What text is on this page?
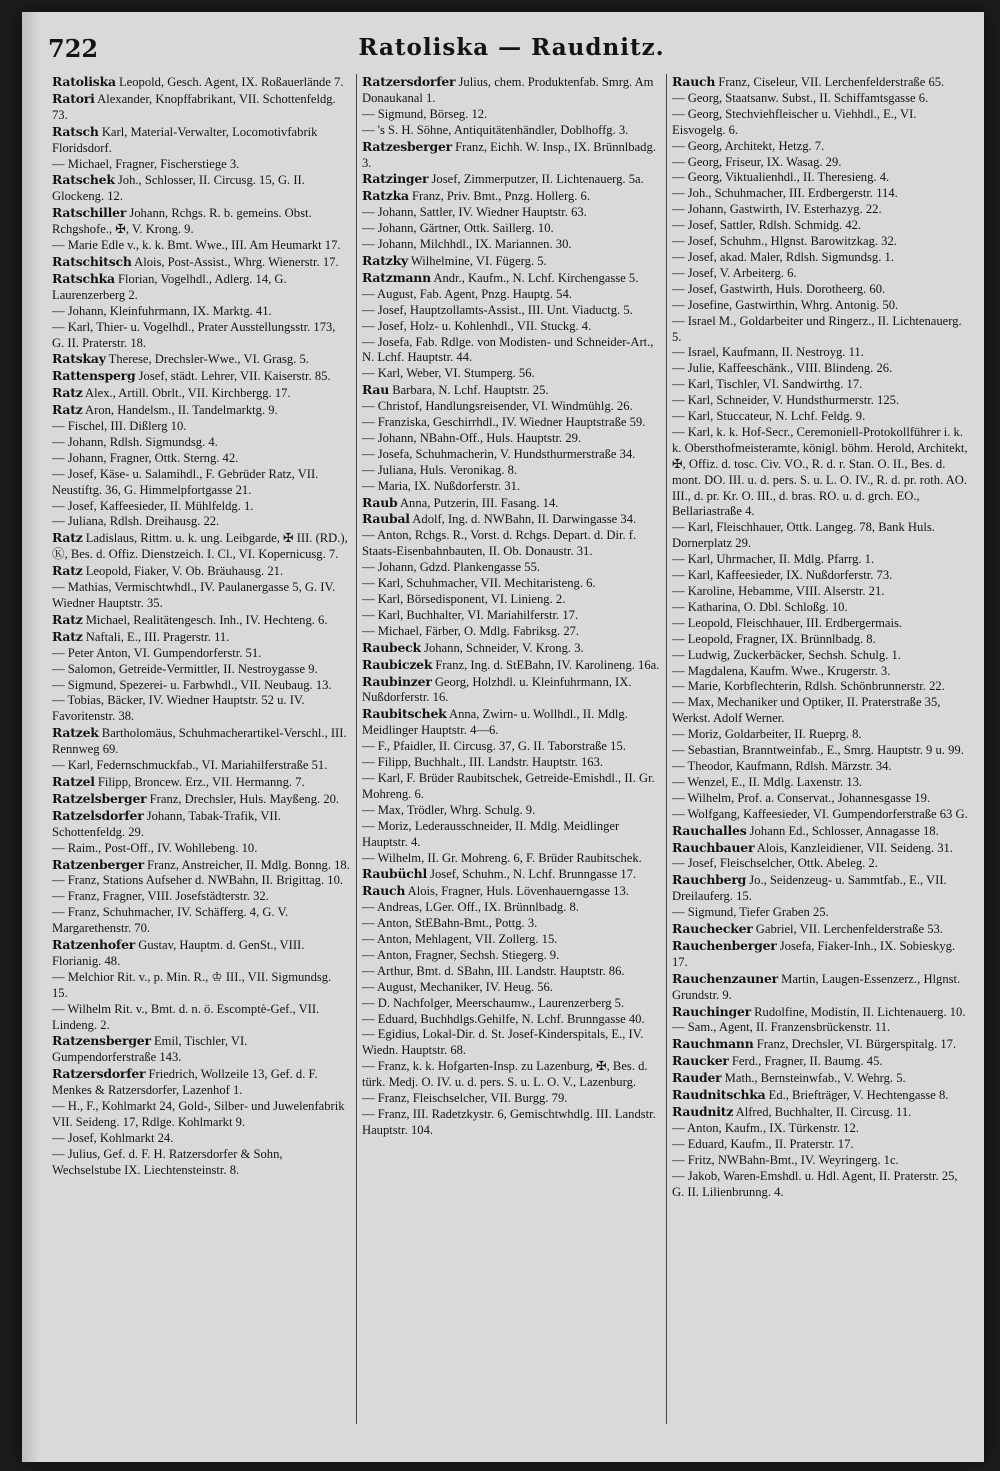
722	Ratoliska — Raudnitz.

Ratoliska Leopold, Gesch. Agent, IX. Roßauerlände 7.

Ratori Alexander, Knopffabrikant, VII. Schottenfeldg. 73.

Ratsch Karl, Material-Verwalter, Locomotivfabrik Floridsdorf.

— Michael, Fragner, Fischerstiege 3.

Ratschek Joh., Schlosser, II. Circusg. 15, G. II. Glockeng. 12.

Ratschiller Johann, Rchgs. R. b. gemeins. Obst. Rchgshofe., ✠, V. Krong. 9.

— Marie Edle v., k. k. Bmt. Wwe., III. Am Heumarkt 17.

Ratschitsch Alois, Post-Assist., Whrg. Wienerstr. 17.

Ratschka Florian, Vogelhdl., Adlerg. 14, G. Laurenzerberg 2.

— Johann, Kleinfuhrmann, IX. Marktg. 41.

— Karl, Thier- u. Vogelhdl., Prater Ausstellungsstr. 173, G. II. Praterstr. 18.

Ratskay Therese, Drechsler-Wwe., VI. Grasg. 5.

Rattensperg Josef, städt. Lehrer, VII. Kaiserstr. 85.

Ratz Alex., Artill. Obrlt., VII. Kirchbergg. 17.

Ratz Aron, Handelsm., II. Tandelmarktg. 9.

— Fischel, III. Dißlerg 10.

— Johann, Rdlsh. Sigmundsg. 4.

— Johann, Fragner, Ottk. Sterng. 42.

— Josef, Käse- u. Salamihdl., F. Gebrüder Ratz, VII. Neustiftg. 36, G. Himmelpfortgasse 21.

— Josef, Kaffeesieder, II. Mühlfeldg. 1.

— Juliana, Rdlsh. Dreihausg. 22.

Ratz Ladislaus, Rittm. u. k. ung. Leibgarde, ✠ III. (RD.), Ⓚ, Bes. d. Offiz. Dienstzeich. I. Cl., VI. Kopernicusg. 7.

Ratz Leopold, Fiaker, V. Ob. Bräuhausg. 21.

— Mathias, Vermischtwhdl., IV. Paulanergasse 5, G. IV. Wiedner Hauptstr. 35.

Ratz Michael, Realitätengesch. Inh., IV. Hechteng. 6.

Ratz Naftali, E., III. Pragerstr. 11.

— Peter Anton, VI. Gumpendorferstr. 51.

— Salomon, Getreide-Vermittler, II. Nestroygasse 9.

— Sigmund, Spezerei- u. Farbwhdl., VII. Neubaug. 13.

— Tobias, Bäcker, IV. Wiedner Hauptstr. 52 u. IV. Favoritenstr. 38.

Ratzek Bartholomäus, Schuhmacherartikel-Verschl., III. Rennweg 69.

— Karl, Federnschmuckfab., VI. Mariahilferstraße 51.

Ratzel Filipp, Broncew. Erz., VII. Hermanng. 7.

Ratzelsberger Franz, Drechsler, Huls. Mayßeng. 20.

Ratzelsdorfer Johann, Tabak-Trafik, VII. Schottenfeldg. 29.

— Raim., Post-Off., IV. Wohllebeng. 10.

Ratzenberger Franz, Anstreicher, II. Mdlg. Bonng. 18.

— Franz, Stations Aufseher d. NWBahn, II. Brigittag. 10.

— Franz, Fragner, VIII. Josefstädterstr. 32.

— Franz, Schuhmacher, IV. Schäfferg. 4, G. V. Margarethenstr. 70.

Ratzenhofer Gustav, Hauptm. d. GenSt., VIII. Florianig. 48.

— Melchior Rit. v., p. Min. R., ♔ III., VII. Sigmundsg. 15.

— Wilhelm Rit. v., Bmt. d. n. ö. Escomptè-Gef., VII. Lindeng. 2.

Ratzensberger Emil, Tischler, VI. Gumpendorferstraße 143.

Ratzersdorfer Friedrich, Wollzeile 13, Gef. d. F. Menkes & Ratzersdorfer, Lazenhof 1.

— H., F., Kohlmarkt 24, Gold-, Silber- und Juwelenfabrik VII. Seideng. 17, Rdlge. Kohlmarkt 9.

— Josef, Kohlmarkt 24.

— Julius, Gef. d. F. H. Ratzersdorfer & Sohn, Wechselstube IX. Liechtensteinstr. 8.

Ratzersdorfer Julius, chem. Produktenfab. Smrg. Am Donaukanal 1.

— Sigmund, Börseg. 12.

— 's S. H. Söhne, Antiquitätenhändler, Doblhoffg. 3.

Ratzesberger Franz, Eichh. W. Insp., IX. Brünnlbadg. 3.

Ratzinger Josef, Zimmerputzer, II. Lichtenauerg. 5a.

Ratzka Franz, Priv. Bmt., Pnzg. Hollerg. 6.

— Johann, Sattler, IV. Wiedner Hauptstr. 63.

— Johann, Gärtner, Ottk. Saillerg. 10.

— Johann, Milchhdl., IX. Mariannen. 30.

Ratzky Wilhelmine, VI. Fügerg. 5.

Ratzmann Andr., Kaufm., N. Lchf. Kirchengasse 5.

— August, Fab. Agent, Pnzg. Hauptg. 54.

— Josef, Hauptzollamts-Assist., III. Unt. Viaductg. 5.

— Josef, Holz- u. Kohlenhdl., VII. Stuckg. 4.

— Josefa, Fab. Rdlge. von Modisten- und Schneider-Art., N. Lchf. Hauptstr. 44.

— Karl, Weber, VI. Stumperg. 56.

Rau Barbara, N. Lchf. Hauptstr. 25.

— Christof, Handlungsreisender, VI. Windmühlg. 26.

— Franziska, Geschirrhdl., IV. Wiedner Hauptstraße 59.

— Johann, NBahn-Off., Huls. Hauptstr. 29.

— Josefa, Schuhmacherin, V. Hundsthurmerstraße 34.

— Juliana, Huls. Veronikag. 8.

— Maria, IX. Nußdorferstr. 31.

Raub Anna, Putzerin, III. Fasang. 14.

Raubal Adolf, Ing. d. NWBahn, II. Darwingasse 34.

— Anton, Rchgs. R., Vorst. d. Rchgs. Depart. d. Dir. f. Staats-Eisenbahnbauten, II. Ob. Donaustr. 31.

— Johann, Gdzd. Plankengasse 55.

— Karl, Schuhmacher, VII. Mechitaristeng. 6.

— Karl, Börsedisponent, VI. Linieng. 2.

— Karl, Buchhalter, VI. Mariahilferstr. 17.

— Michael, Färber, O. Mdlg. Fabriksg. 27.

Raubeck Johann, Schneider, V. Krong. 3.

Raubiczek Franz, Ing. d. StEBahn, IV. Karolineng. 16a.

Raubinzer Georg, Holzhdl. u. Kleinfuhrmann, IX. Nußdorferstr. 16.

Raubitschek Anna, Zwirn- u. Wollhdl., II. Mdlg. Meidlinger Hauptstr. 4—6.

— F., Pfaidler, II. Circusg. 37, G. II. Taborstraße 15.

— Filipp, Buchhalt., III. Landstr. Hauptstr. 163.

— Karl, F. Brüder Raubitschek, Getreide-Emishdl., II. Gr. Mohreng. 6.

— Max, Trödler, Whrg. Schulg. 9.

— Moriz, Lederausschneider, II. Mdlg. Meidlinger Hauptstr. 4.

— Wilhelm, II. Gr. Mohreng. 6, F. Brüder Raubitschek.

Raubüchl Josef, Schuhm., N. Lchf. Brunngasse 17.

Rauch Alois, Fragner, Huls. Lövenhauerngasse 13.

— Andreas, LGer. Off., IX. Brünnlbadg. 8.

— Anton, StEBahn-Bmt., Pottg. 3.

— Anton, Mehlagent, VII. Zollerg. 15.

— Anton, Fragner, Sechsh. Stiegerg. 9.

— Arthur, Bmt. d. SBahn, III. Landstr. Hauptstr. 86.

— August, Mechaniker, IV. Heug. 56.

— D. Nachfolger, Meerschaumw., Laurenzerberg 5.

— Eduard, Buchhdlgs.Gehilfe, N. Lchf. Brunngasse 40.

— Egidius, Lokal-Dir. d. St. Josef-Kinderspitals, E., IV. Wiedn. Hauptstr. 68.

— Franz, k. k. Hofgarten-Insp. zu Lazenburg, ✠, Bes. d. türk. Medj. O. IV. u. d. pers. S. u. L. O. V., Lazenburg.

— Franz, Fleischselcher, VII. Burgg. 79.

— Franz, III. Radetzkystr. 6, Gemischtwhdlg. III. Landstr. Hauptstr. 104.

Rauch Franz, Ciseleur, VII. Lerchenfelderstraße 65.

— Georg, Staatsanw. Subst., II. Schiffamtsgasse 6.

— Georg, Stechviehfleischer u. Viehhdl., E., VI. Eisvogelg. 6.

— Georg, Architekt, Hetzg. 7.

— Georg, Friseur, IX. Wasag. 29.

— Georg, Viktualienhdl., II. Theresieng. 4.

— Joh., Schuhmacher, III. Erdbergerstr. 114.

— Johann, Gastwirth, IV. Esterhazyg. 22.

— Josef, Sattler, Rdlsh. Schmidg. 42.

— Josef, Schuhm., Hlgnst. Barowitzkag. 32.

— Josef, akad. Maler, Rdlsh. Sigmundsg. 1.

— Josef, V. Arbeiterg. 6.

— Josef, Gastwirth, Huls. Dorotheerg. 60.

— Josefine, Gastwirthin, Whrg. Antonig. 50.

— Israel M., Goldarbeiter und Ringerz., II. Lichtenauerg. 5.

— Israel, Kaufmann, II. Nestroyg. 11.

— Julie, Kaffeeschänk., VIII. Blindeng. 26.

— Karl, Tischler, VI. Sandwirthg. 17.

— Karl, Schneider, V. Hundsthurmerstr. 125.

— Karl, Stuccateur, N. Lchf. Feldg. 9.

— Karl, k. k. Hof-Secr., Ceremoniell-Protokollführer i. k. k. Obersthofmeisteramte, königl. böhm. Herold, Architekt, ✠, Offiz. d. tosc. Civ. VO., R. d. r. Stan. O. II., Bes. d. mont. DO. III. u. d. pers. S. u. L. O. IV., R. d. pr. roth. AO. III., d. pr. Kr. O. III., d. bras. RO. u. d. grch. EO., Bellariastraße 4.

— Karl, Fleischhauer, Ottk. Langeg. 78, Bank Huls. Dornerplatz 29.

— Karl, Uhrmacher, II. Mdlg. Pfarrg. 1.

— Karl, Kaffeesieder, IX. Nußdorferstr. 73.

— Karoline, Hebamme, VIII. Alserstr. 21.

— Katharina, O. Dbl. Schloßg. 10.

— Leopold, Fleischhauer, III. Erdbergermais.

— Leopold, Fragner, IX. Brünnlbadg. 8.

— Ludwig, Zuckerbäcker, Sechsh. Schulg. 1.

— Magdalena, Kaufm. Wwe., Krugerstr. 3.

— Marie, Korbflechterin, Rdlsh. Schönbrunnerstr. 22.

— Max, Mechaniker und Optiker, II. Praterstraße 35, Werkst. Adolf Werner.

— Moriz, Goldarbeiter, II. Rueprg. 8.

— Sebastian, Branntweinfab., E., Smrg. Hauptstr. 9 u. 99.

— Theodor, Kaufmann, Rdlsh. Märzstr. 34.

— Wenzel, E., II. Mdlg. Laxenstr. 13.

— Wilhelm, Prof. a. Conservat., Johannesgasse 19.

— Wolfgang, Kaffeesieder, VI. Gumpendorferstraße 63 G.

Rauchalles Johann Ed., Schlosser, Annagasse 18.

Rauchbauer Alois, Kanzleidiener, VII. Seideng. 31.

— Josef, Fleischselcher, Ottk. Abeleg. 2.

Rauchberg Jo., Seidenzeug- u. Sammtfab., E., VII. Dreilauferg. 15.

— Sigmund, Tiefer Graben 25.

Rauchecker Gabriel, VII. Lerchenfelderstraße 53.

Rauchenberger Josefa, Fiaker-Inh., IX. Sobieskyg. 17.

Rauchenzauner Martin, Laugen-Essenzerz., Hlgnst. Grundstr. 9.

Rauchinger Rudolfine, Modistin, II. Lichtenauerg. 10.

— Sam., Agent, II. Franzensbrückenstr. 11.

Rauchmann Franz, Drechsler, VI. Bürgerspitalg. 17.

Raucker Ferd., Fragner, II. Baumg. 45.

Rauder Math., Bernsteinwfab., V. Wehrg. 5.

Raudnitschka Ed., Briefträger, V. Hechtengasse 8.

Raudnitz Alfred, Buchhalter, II. Circusg. 11.

— Anton, Kaufm., IX. Türkenstr. 12.

— Eduard, Kaufm., II. Praterstr. 17.

— Fritz, NWBahn-Bmt., IV. Weyringerg. 1c.

— Jakob, Waren-Emshdl. u. Hdl. Agent, II. Praterstr. 25, G. II. Lilienbrunng. 4.
